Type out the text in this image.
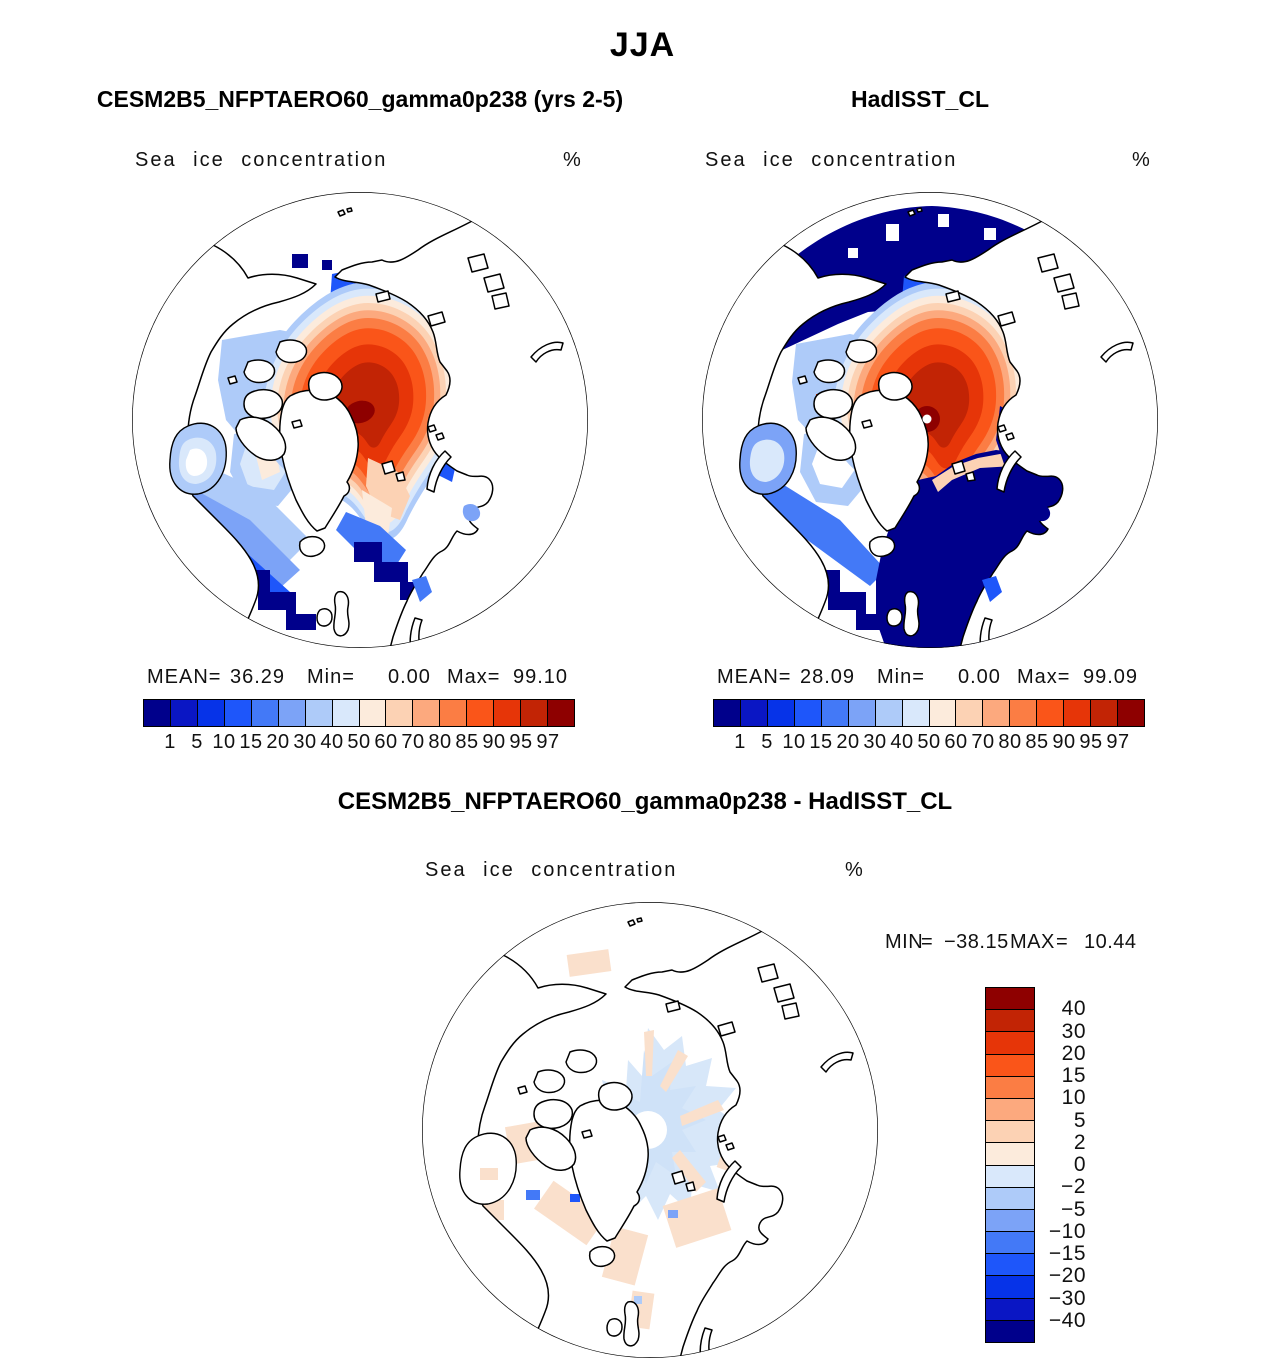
JJA
CESM2B5_NFPTAERO60_gamma0p238 (yrs 2-5)	HadISST_CL
Sea ice concentration	%	Sea ice concentration	%
MEAN= 36.29 Min= 0.00 Max= 99.10	MEAN= 28.09 Min= 0.00 Max= 99.09
1 5 10 15 20 30 40 50 60 70 80 85 90 95 97	1 5 10 15 20 30 40 50 60 70 80 85 90 95 97
CESM2B5_NFPTAERO60_gamma0p238 - HadISST_CL
Sea ice concentration	%
MIN
= −38.15 MAX = 10.44
40
30
20
15
10
5
2
0
−2
−5
−10
−15
−20
−30
−40
